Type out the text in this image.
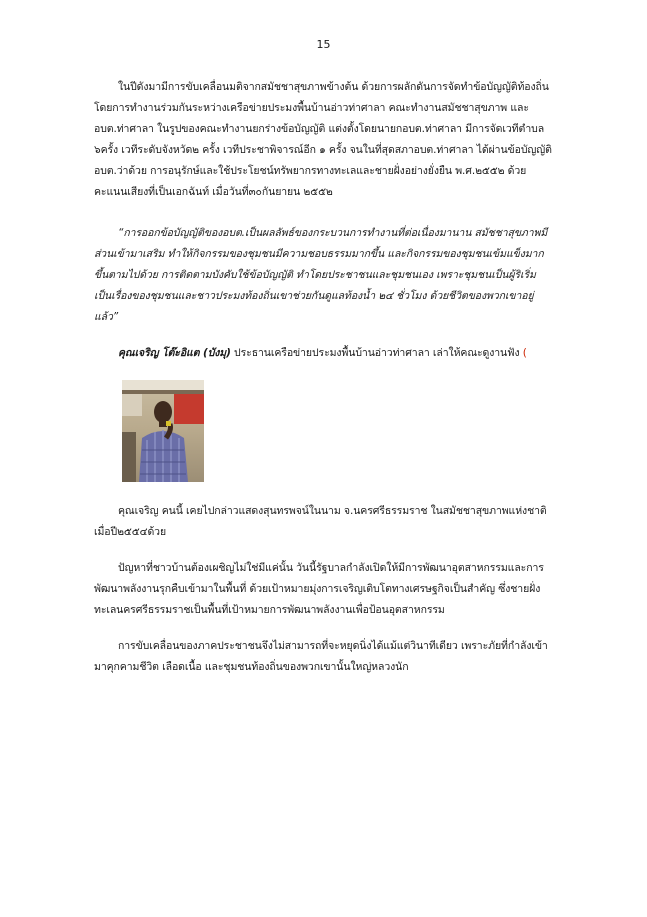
15

ในปีดังมามีการขับเคลื่อนมติจากสมัชชาสุขภาพข้างต้น ด้วยการผลักดันการจัดทำข้อบัญญัติท้องถิ่น โดยการทำงานร่วมกันระหว่างเครือข่ายประมงพื้นบ้านอ่าวท่าศาลา คณะทำงานสมัชชาสุขภาพ และอบต.ท่าศาลา ในรูปของคณะทำงานยกร่างข้อบัญญัติ แต่งตั้งโดยนายกอบต.ท่าศาลา มีการจัดเวทีตำบล ๖ครั้ง เวทีระดับจังหวัด๒ ครั้ง เวทีประชาพิจารณ์อีก ๑ ครั้ง จนในที่สุดสภาอบต.ท่าศาลา ได้ผ่านข้อบัญญัติอบต.ว่าด้วย การอนุรักษ์และใช้ประโยชน์ทรัพยากรทางทะเลและชายฝั่งอย่างยั่งยืน พ.ศ.๒๕๕๒ ด้วยคะแนนเสียงที่เป็นเอกฉันท์ เมื่อวันที่๓๐กันยายน ๒๕๕๒

“การออกข้อบัญญัติของอบต.เป็นผลลัพธ์ของกระบวนการทำงานที่ต่อเนื่องมานาน สมัชชาสุขภาพมีส่วนเข้ามาเสริม ทำให้กิจกรรมของชุมชนมีความชอบธรรมมากขึ้น และกิจกรรมของชุมชนเข้มแข็งมากขึ้นตามไปด้วย การติดตามบังคับใช้ข้อบัญญัติ ทำโดยประชาชนและชุมชนเอง เพราะชุมชนเป็นผู้ริเริ่ม เป็นเรื่องของชุมชนและชาวประมงท้องถิ่นเขาช่วยกันดูแลท้องน้ำ ๒๔ ชั่วโมง ด้วยชีวิตของพวกเขาอยู่แล้ว”

คุณเจริญ โต๊ะอิแต (บังมุ) ประธานเครือข่ายประมงพื้นบ้านอ่าวท่าศาลา เล่าให้คณะดูงานฟัง (

คุณเจริญ คนนี้ เคยไปกล่าวแสดงสุนทรพจน์ในนาม จ.นครศรีธรรมราช ในสมัชชาสุขภาพแห่งชาติเมื่อปี๒๕๕๔ด้วย

ปัญหาที่ชาวบ้านต้องเผชิญไม่ใช่มีแค่นั้น วันนี้รัฐบาลกำลังเปิดให้มีการพัฒนาอุตสาหกรรมและการพัฒนาพลังงานรุกคืบเข้ามาในพื้นที่ ด้วยเป้าหมายมุ่งการเจริญเติบโตทางเศรษฐกิจเป็นสำคัญ ซึ่งชายฝั่งทะเลนครศรีธรรมราชเป็นพื้นที่เป้าหมายการพัฒนาพลังงานเพื่อป้อนอุตสาหกรรม

การขับเคลื่อนของภาคประชาชนจึงไม่สามารถที่จะหยุดนิ่งได้แม้แต่วินาทีเดียว เพราะภัยที่กำลังเข้ามาคุกคามชีวิต เลือดเนื้อ และชุมชนท้องถิ่นของพวกเขานั้นใหญ่หลวงนัก
